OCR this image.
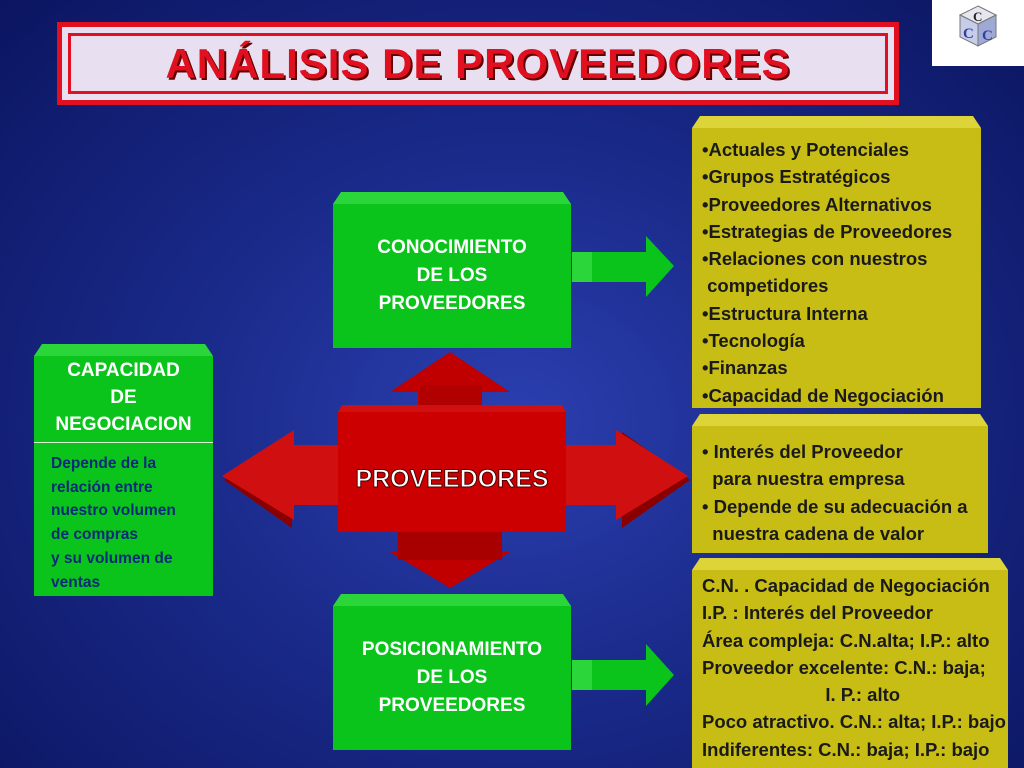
ANÁLISIS DE PROVEEDORES
C
C C
PROVEEDORES
CONOCIMIENTO
DE LOS
PROVEEDORES
POSICIONAMIENTO
DE LOS
PROVEEDORES
CAPACIDAD
DE
NEGOCIACION
Depende de la
relación entre
nuestro volumen
de compras
y su volumen de
ventas
•Actuales y Potenciales
•Grupos Estratégicos
•Proveedores Alternativos
•Estrategias de Proveedores
•Relaciones con nuestros
competidores
•Estructura Interna
•Tecnología
•Finanzas
•Capacidad de Negociación
• Interés del Proveedor
para nuestra empresa
• Depende de su adecuación a
nuestra cadena de valor
C.N. . Capacidad de Negociación
I.P. : Interés del Proveedor
Área compleja: C.N.alta; I.P.: alto
Proveedor excelente: C.N.: baja;
I. P.: alto
Poco atractivo. C.N.: alta; I.P.: bajo
Indiferentes: C.N.: baja; I.P.: bajo
